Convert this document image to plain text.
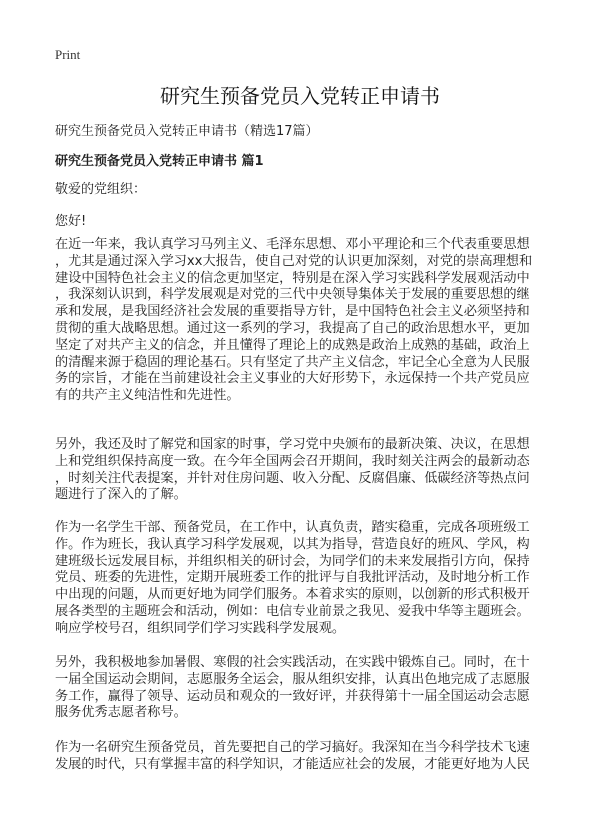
Print
研究生预备党员入党转正申请书
研究生预备党员入党转正申请书（精选17篇）
研究生预备党员入党转正申请书 篇1
敬爱的党组织：
您好!
在近一年来，我认真学习马列主义、毛泽东思想、邓小平理论和三个代表重要思想
，尤其是通过深入学习xx大报告，使自己对党的认识更加深刻，对党的崇高理想和
建设中国特色社会主义的信念更加坚定，特别是在深入学习实践科学发展观活动中
，我深刻认识到，科学发展观是对党的三代中央领导集体关于发展的重要思想的继
承和发展，是我国经济社会发展的重要指导方针，是中国特色社会主义必须坚持和
贯彻的重大战略思想。通过这一系列的学习，我提高了自己的政治思想水平，更加
坚定了对共产主义的信念，并且懂得了理论上的成熟是政治上成熟的基础，政治上
的清醒来源于稳固的理论基石。只有坚定了共产主义信念，牢记全心全意为人民服
务的宗旨，才能在当前建设社会主义事业的大好形势下，永远保持一个共产党员应
有的共产主义纯洁性和先进性。
另外，我还及时了解党和国家的时事，学习党中央颁布的最新决策、决议，在思想
上和党组织保持高度一致。在今年全国两会召开期间，我时刻关注两会的最新动态
，时刻关注代表提案，并针对住房问题、收入分配、反腐倡廉、低碳经济等热点问
题进行了深入的了解。
作为一名学生干部、预备党员，在工作中，认真负责，踏实稳重，完成各项班级工
作。作为班长，我认真学习科学发展观，以其为指导，营造良好的班风、学风，构
建班级长远发展目标，并组织相关的研讨会，为同学们的未来发展指引方向，保持
党员、班委的先进性，定期开展班委工作的批评与自我批评活动，及时地分析工作
中出现的问题，从而更好地为同学们服务。本着求实的原则，以创新的形式积极开
展各类型的主题班会和活动，例如：电信专业前景之我见、爱我中华等主题班会。
响应学校号召，组织同学们学习实践科学发展观。
另外，我积极地参加暑假、寒假的社会实践活动，在实践中锻炼自己。同时，在十
一届全国运动会期间，志愿服务全运会，服从组织安排，认真出色地完成了志愿服
务工作，赢得了领导、运动员和观众的一致好评，并获得第十一届全国运动会志愿
服务优秀志愿者称号。
作为一名研究生预备党员，首先要把自己的学习搞好。我深知在当今科学技术飞速
发展的时代，只有掌握丰富的科学知识，才能适应社会的发展，才能更好地为人民
